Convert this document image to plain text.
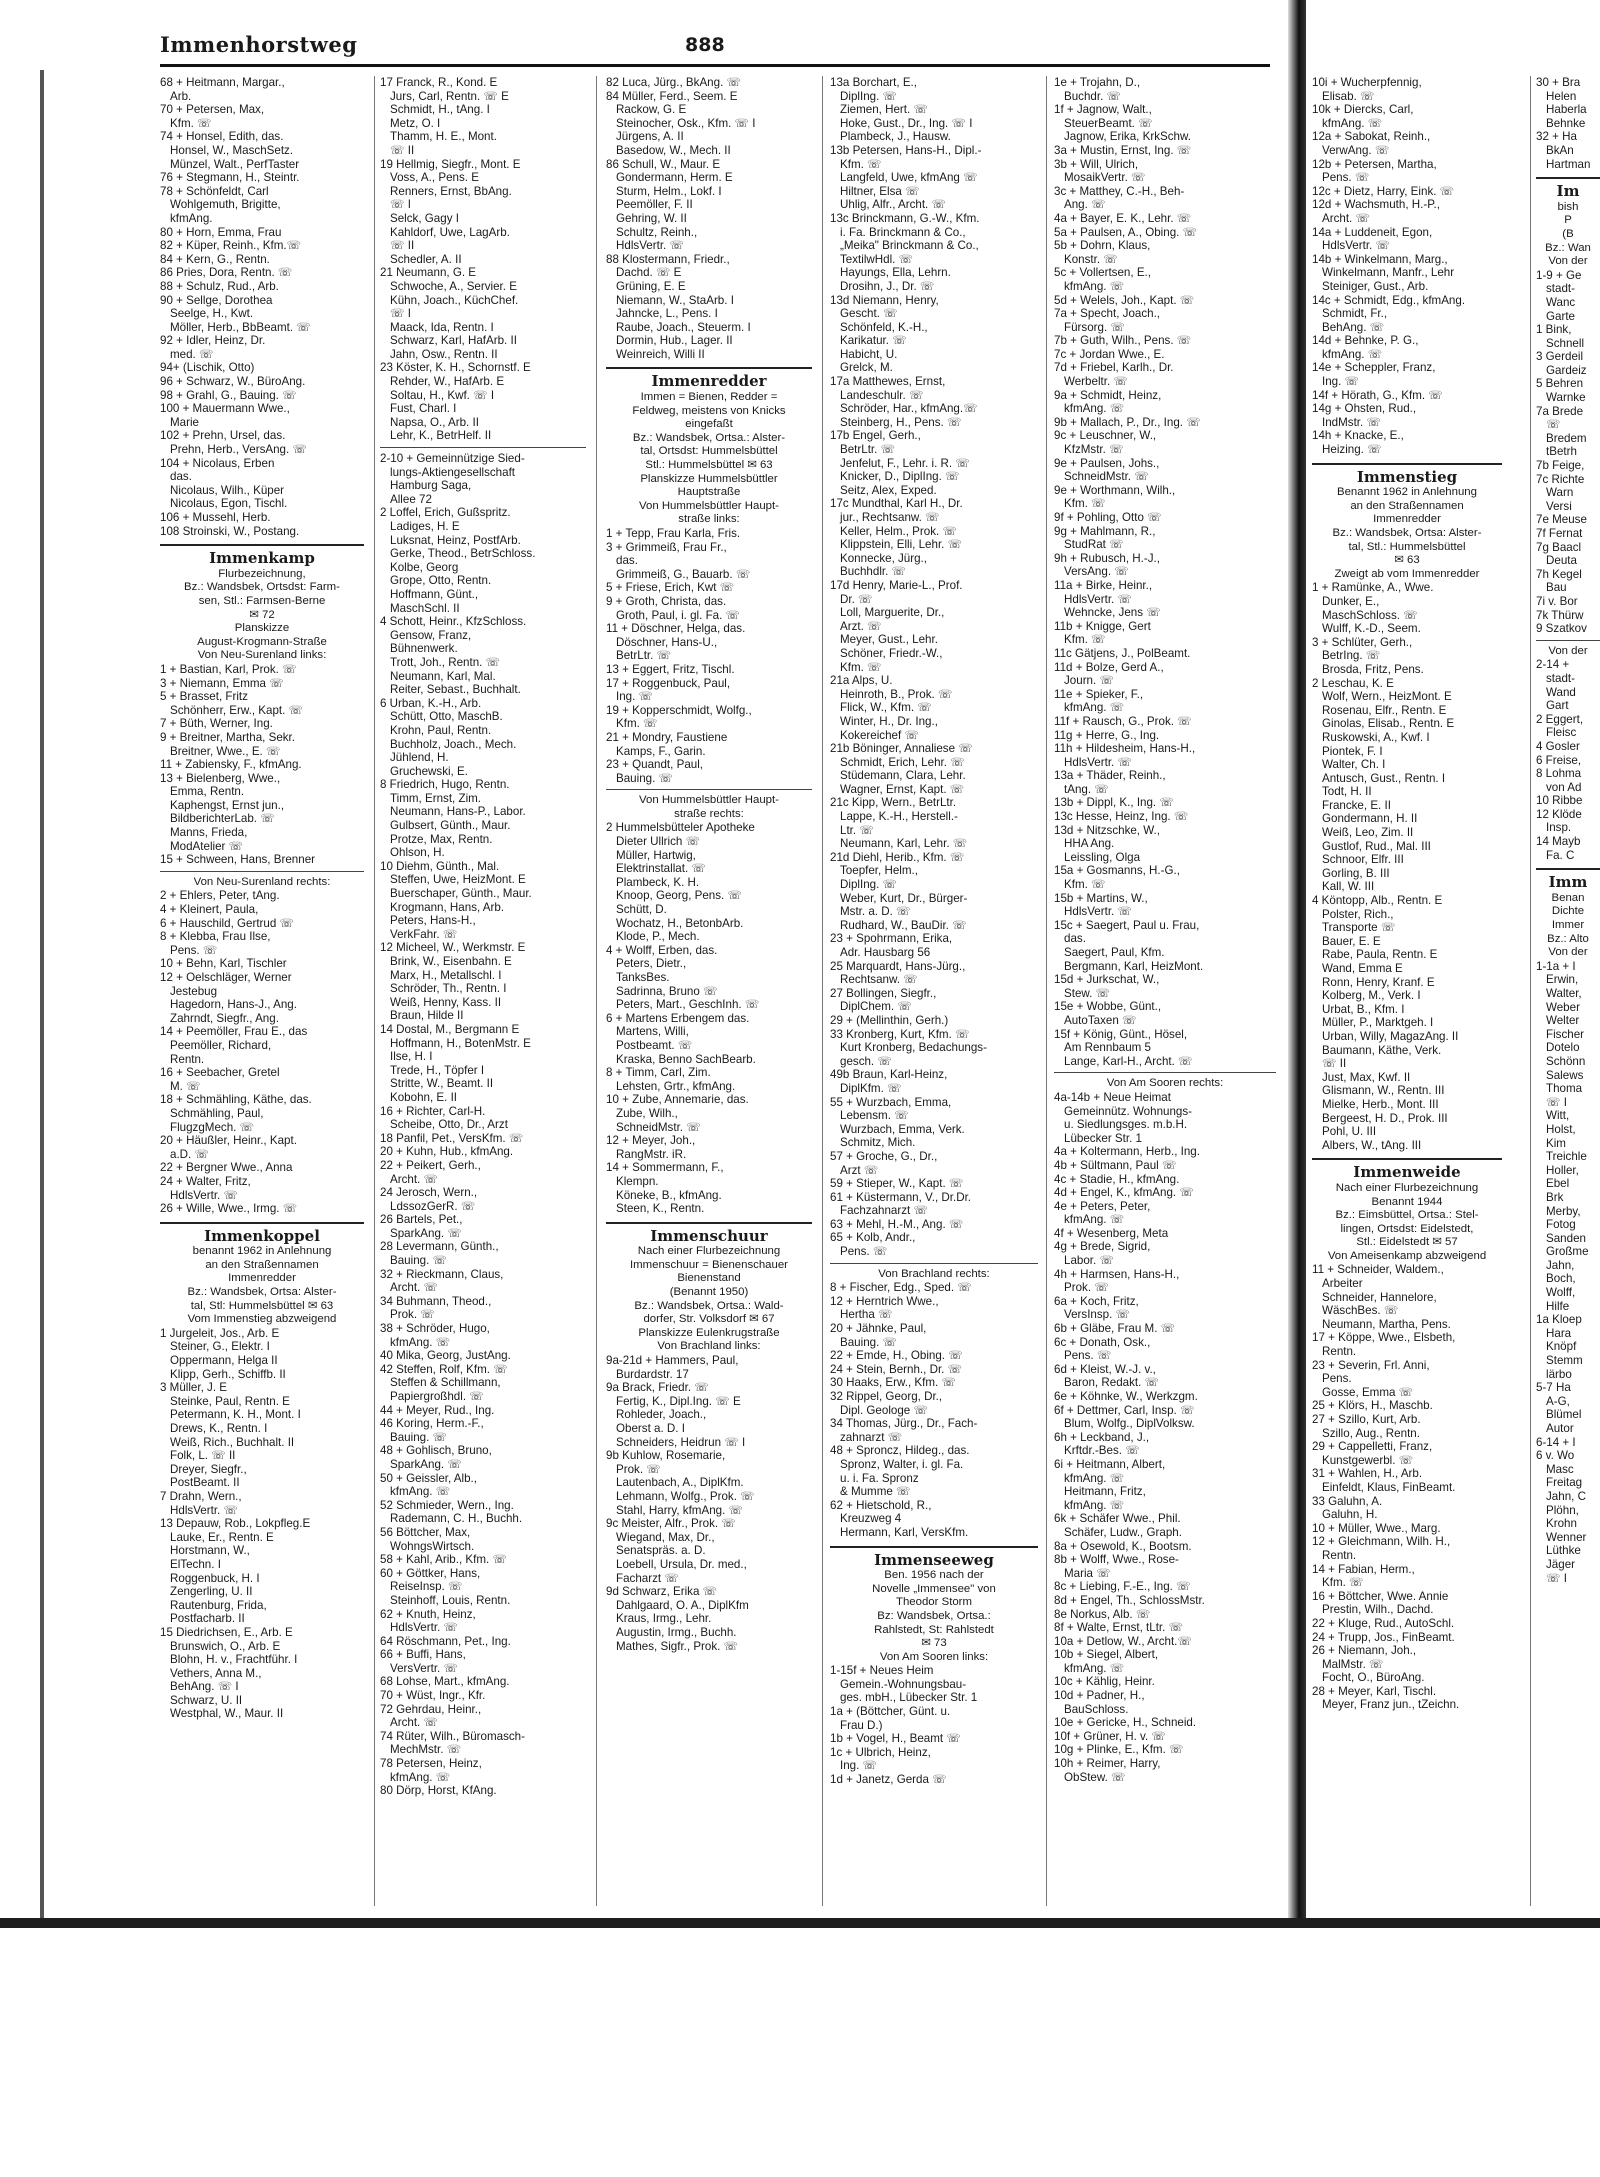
Immenhorstweg	888
68 + Heitmann, Margar.,
Arb.
70 + Petersen, Max,
Kfm. ☏
74 + Honsel, Edith, das.
Honsel, W., MaschSetz.
Münzel, Walt., PerfTaster
76 + Stegmann, H., Steintr.
78 + Schönfeldt, Carl
Wohlgemuth, Brigitte,
kfmAng.
80 + Horn, Emma, Frau
82 + Küper, Reinh., Kfm.☏
84 + Kern, G., Rentn.
86 Pries, Dora, Rentn. ☏
88 + Schulz, Rud., Arb.
90 + Sellge, Dorothea
Seelge, H., Kwt.
Möller, Herb., BbBeamt. ☏
92 + Idler, Heinz, Dr.
med. ☏
94+ (Lischik, Otto)
96 + Schwarz, W., BüroAng.
98 + Grahl, G., Bauing. ☏
100 + Mauermann Wwe.,
Marie
102 + Prehn, Ursel, das.
Prehn, Herb., VersAng. ☏
104 + Nicolaus, Erben
das.
Nicolaus, Wilh., Küper
Nicolaus, Egon, Tischl.
106 + Mussehl, Herb.
108 Stroinski, W., Postang.
Immenkamp
Flurbezeichnung,
Bz.: Wandsbek, Ortsdst: Farm-
sen, Stl.: Farmsen-Berne
✉ 72
Planskizze
August-Krogmann-Straße
Von Neu-Surenland links:
1 + Bastian, Karl, Prok. ☏
3 + Niemann, Emma ☏
5 + Brasset, Fritz
Schönherr, Erw., Kapt. ☏
7 + Büth, Werner, Ing.
9 + Breitner, Martha, Sekr.
Breitner, Wwe., E. ☏
11 + Zabiensky, F., kfmAng.
13 + Bielenberg, Wwe.,
Emma, Rentn.
Kaphengst, Ernst jun.,
BildberichterLab. ☏
Manns, Frieda,
ModAtelier ☏
15 + Schween, Hans, Brenner
Von Neu-Surenland rechts:
2 + Ehlers, Peter, tAng.
4 + Kleinert, Paula,
6 + Hauschild, Gertrud ☏
8 + Klebba, Frau Ilse,
Pens. ☏
10 + Behn, Karl, Tischler
12 + Oelschläger, Werner
Jestebug
Hagedorn, Hans-J., Ang.
Zahrndt, Siegfr., Ang.
14 + Peemöller, Frau E., das
Peemöller, Richard,
Rentn.
16 + Seebacher, Gretel
M. ☏
18 + Schmähling, Käthe, das.
Schmähling, Paul,
FlugzgMech. ☏
20 + Häußler, Heinr., Kapt.
a.D. ☏
22 + Bergner Wwe., Anna
24 + Walter, Fritz,
HdlsVertr. ☏
26 + Wille, Wwe., Irmg. ☏
Immenkoppel
benannt 1962 in Anlehnung
an den Straßennamen
Immenredder
Bz.: Wandsbek, Ortsa: Alster-
tal, Stl: Hummelsbüttel ✉ 63
Vom Immenstieg abzweigend
1 Jurgeleit, Jos., Arb. E
Steiner, G., Elektr. I
Oppermann, Helga II
Klipp, Gerh., Schiffb. II
3 Müller, J. E
Steinke, Paul, Rentn. E
Petermann, K. H., Mont. I
Drews, K., Rentn. I
Weiß, Rich., Buchhalt. II
Folk, L. ☏ II
Dreyer, Siegfr.,
PostBeamt. II
7 Drahn, Wern.,
HdlsVertr. ☏
13 Depauw, Rob., Lokpfleg.E
Lauke, Er., Rentn. E
Horstmann, W.,
ElTechn. I
Roggenbuck, H. I
Zengerling, U. II
Rautenburg, Frida,
Postfacharb. II
15 Diedrichsen, E., Arb. E
Brunswich, O., Arb. E
Blohn, H. v., Frachtführ. I
Vethers, Anna M.,
BehAng. ☏ I
Schwarz, U. II
Westphal, W., Maur. II
17 Franck, R., Kond. E
Jurs, Carl, Rentn. ☏ E
Schmidt, H., tAng. I
Metz, O. I
Thamm, H. E., Mont.
☏ II
19 Hellmig, Siegfr., Mont. E
Voss, A., Pens. E
Renners, Ernst, BbAng.
☏ I
Selck, Gagy I
Kahldorf, Uwe, LagArb.
☏ II
Schedler, A. II
21 Neumann, G. E
Schwoche, A., Servier. E
Kühn, Joach., KüchChef.
☏ I
Maack, Ida, Rentn. I
Schwarz, Karl, HafArb. II
Jahn, Osw., Rentn. II
23 Köster, K. H., Schornstf. E
Rehder, W., HafArb. E
Soltau, H., Kwf. ☏ I
Fust, Charl. I
Napsa, O., Arb. II
Lehr, K., BetrHelf. II
2-10 + Gemeinnützige Sied-
lungs-Aktiengesellschaft
Hamburg Saga,
Allee 72
2 Loffel, Erich, Gußspritz.
Ladiges, H. E
Luksnat, Heinz, PostfArb.
Gerke, Theod., BetrSchloss.
Kolbe, Georg
Grope, Otto, Rentn.
Hoffmann, Günt.,
MaschSchl. II
4 Schott, Heinr., KfzSchloss.
Gensow, Franz,
Bühnenwerk.
Trott, Joh., Rentn. ☏
Neumann, Karl, Mal.
Reiter, Sebast., Buchhalt.
6 Urban, K.-H., Arb.
Schütt, Otto, MaschB.
Krohn, Paul, Rentn.
Buchholz, Joach., Mech.
Jühlend, H.
Gruchewski, E.
8 Friedrich, Hugo, Rentn.
Timm, Ernst, Zim.
Neumann, Hans-P., Labor.
Gulbsert, Günth., Maur.
Protze, Max, Rentn.
Ohlson, H.
10 Diehm, Günth., Mal.
Steffen, Uwe, HeizMont. E
Buerschaper, Günth., Maur.
Krogmann, Hans, Arb.
Peters, Hans-H.,
VerkFahr. ☏
12 Micheel, W., Werkmstr. E
Brink, W., Eisenbahn. E
Marx, H., Metallschl. I
Schröder, Th., Rentn. I
Weiß, Henny, Kass. II
Braun, Hilde II
14 Dostal, M., Bergmann E
Hoffmann, H., BotenMstr. E
Ilse, H. I
Trede, H., Töpfer I
Stritte, W., Beamt. II
Kobohn, E. II
16 + Richter, Carl-H.
Scheibe, Otto, Dr., Arzt
18 Panfil, Pet., VersKfm. ☏
20 + Kuhn, Hub., kfmAng.
22 + Peikert, Gerh.,
Archt. ☏
24 Jerosch, Wern.,
LdssozGerR. ☏
26 Bartels, Pet.,
SparkAng. ☏
28 Levermann, Günth.,
Bauing. ☏
32 + Rieckmann, Claus,
Archt. ☏
34 Buhmann, Theod.,
Prok. ☏
38 + Schröder, Hugo,
kfmAng. ☏
40 Mika, Georg, JustAng.
42 Steffen, Rolf, Kfm. ☏
Steffen & Schillmann,
Papiergroßhdl. ☏
44 + Meyer, Rud., Ing.
46 Koring, Herm.-F.,
Bauing. ☏
48 + Gohlisch, Bruno,
SparkAng. ☏
50 + Geissler, Alb.,
kfmAng. ☏
52 Schmieder, Wern., Ing.
Rademann, C. H., Buchh.
56 Böttcher, Max,
WohngsWirtsch.
58 + Kahl, Arib., Kfm. ☏
60 + Göttker, Hans,
ReiseInsp. ☏
Steinhoff, Louis, Rentn.
62 + Knuth, Heinz,
HdlsVertr. ☏
64 Röschmann, Pet., Ing.
66 + Buffi, Hans,
VersVertr. ☏
68 Lohse, Mart., kfmAng.
70 + Wüst, Ingr., Kfr.
72 Gehrdau, Heinr.,
Archt. ☏
74 Rüter, Wilh., Büromasch-
MechMstr. ☏
78 Petersen, Heinz,
kfmAng. ☏
80 Dörp, Horst, KfAng.
82 Luca, Jürg., BkAng. ☏
84 Müller, Ferd., Seem. E
Rackow, G. E
Steinocher, Osk., Kfm. ☏ I
Jürgens, A. II
Basedow, W., Mech. II
86 Schull, W., Maur. E
Gondermann, Herm. E
Sturm, Helm., Lokf. I
Peemöller, F. II
Gehring, W. II
Schultz, Reinh.,
HdlsVertr. ☏
88 Klostermann, Friedr.,
Dachd. ☏ E
Grüning, E. E
Niemann, W., StaArb. I
Jahncke, L., Pens. I
Raube, Joach., Steuerm. I
Dormin, Hub., Lager. II
Weinreich, Willi II
Immenredder
Immen = Bienen, Redder =
Feldweg, meistens von Knicks
eingefaßt
Bz.: Wandsbek, Ortsa.: Alster-
tal, Ortsdst: Hummelsbüttel
Stl.: Hummelsbüttel ✉ 63
Planskizze Hummelsbüttler
Hauptstraße
Von Hummelsbüttler Haupt-
straße links:
1 + Tepp, Frau Karla, Fris.
3 + Grimmeiß, Frau Fr.,
das.
Grimmeiß, G., Bauarb. ☏
5 + Friese, Erich, Kwt ☏
9 + Groth, Christa, das.
Groth, Paul, i. gl. Fa. ☏
11 + Döschner, Helga, das.
Döschner, Hans-U.,
BetrLtr. ☏
13 + Eggert, Fritz, Tischl.
17 + Roggenbuck, Paul,
Ing. ☏
19 + Kopperschmidt, Wolfg.,
Kfm. ☏
21 + Mondry, Faustiene
Kamps, F., Garin.
23 + Quandt, Paul,
Bauing. ☏
Von Hummelsbüttler Haupt-
straße rechts:
2 Hummelsbütteler Apotheke
Dieter Ullrich ☏
Müller, Hartwig,
Elektrinstallat. ☏
Plambeck, K. H.
Knoop, Georg, Pens. ☏
Schütt, D.
Wochatz, H., BetonbArb.
Klode, P., Mech.
4 + Wolff, Erben, das.
Peters, Dietr.,
TanksBes.
Sadrinna, Bruno ☏
Peters, Mart., GeschInh. ☏
6 + Martens Erbengem das.
Martens, Willi,
Postbeamt. ☏
Kraska, Benno SachBearb.
8 + Timm, Carl, Zim.
Lehsten, Grtr., kfmAng.
10 + Zube, Annemarie, das.
Zube, Wilh.,
SchneidMstr. ☏
12 + Meyer, Joh.,
RangMstr. iR.
14 + Sommermann, F.,
Klempn.
Köneke, B., kfmAng.
Steen, K., Rentn.
Immenschuur
Nach einer Flurbezeichnung
Immenschuur = Bienenschauer
Bienenstand
(Benannt 1950)
Bz.: Wandsbek, Ortsa.: Wald-
dorfer, Str. Volksdorf ✉ 67
Planskizze Eulenkrugstraße
Von Brachland links:
9a-21d + Hammers, Paul,
Burdardstr. 17
9a Brack, Friedr. ☏
Fertig, K., Dipl.Ing. ☏ E
Rohleder, Joach.,
Oberst a. D. I
Schneiders, Heidrun ☏ I
9b Kuhlow, Rosemarie,
Prok. ☏
Lautenbach, A., DiplKfm.
Lehmann, Wolfg., Prok. ☏
Stahl, Harry, kfmAng. ☏
9c Meister, Alfr., Prok. ☏
Wiegand, Max, Dr.,
Senatspräs. a. D.
Loebell, Ursula, Dr. med.,
Facharzt ☏
9d Schwarz, Erika ☏
Dahlgaard, O. A., DiplKfm
Kraus, Irmg., Lehr.
Augustin, Irmg., Buchh.
Mathes, Sigfr., Prok. ☏
13a Borchart, E.,
DiplIng. ☏
Ziemen, Hert. ☏
Hoke, Gust., Dr., Ing. ☏ I
Plambeck, J., Hausw.
13b Petersen, Hans-H., Dipl.-
Kfm. ☏
Langfeld, Uwe, kfmAng ☏
Hiltner, Elsa ☏
Uhlig, Alfr., Archt. ☏
13c Brinckmann, G.-W., Kfm.
i. Fa. Brinckmann & Co.,
„Meika" Brinckmann & Co.,
TextilwHdl. ☏
Hayungs, Ella, Lehrn.
Drosihn, J., Dr. ☏
13d Niemann, Henry,
Gescht. ☏
Schönfeld, K.-H.,
Karikatur. ☏
Habicht, U.
Grelck, M.
17a Matthewes, Ernst,
Landeschulr. ☏
Schröder, Har., kfmAng.☏
Steinberg, H., Pens. ☏
17b Engel, Gerh.,
BetrLtr. ☏
Jenfelut, F., Lehr. i. R. ☏
Knicker, D., DiplIng. ☏
Seitz, Alex, Exped.
17c Mundthal, Karl H., Dr.
jur., Rechtsanw. ☏
Keller, Helm., Prok. ☏
Klippstein, Elli, Lehr. ☏
Konnecke, Jürg.,
Buchhdlr. ☏
17d Henry, Marie-L., Prof.
Dr. ☏
Loll, Marguerite, Dr.,
Arzt. ☏
Meyer, Gust., Lehr.
Schöner, Friedr.-W.,
Kfm. ☏
21a Alps, U.
Heinroth, B., Prok. ☏
Flick, W., Kfm. ☏
Winter, H., Dr. Ing.,
Kokereichef ☏
21b Böninger, Annaliese ☏
Schmidt, Erich, Lehr. ☏
Stüdemann, Clara, Lehr.
Wagner, Ernst, Kapt. ☏
21c Kipp, Wern., BetrLtr.
Lappe, K.-H., Herstell.-
Ltr. ☏
Neumann, Karl, Lehr. ☏
21d Diehl, Herib., Kfm. ☏
Toepfer, Helm.,
DiplIng. ☏
Weber, Kurt, Dr., Bürger-
Mstr. a. D. ☏
Rudhard, W., BauDir. ☏
23 + Spohrmann, Erika,
Adr. Hausbarg 56
25 Marquardt, Hans-Jürg.,
Rechtsanw. ☏
27 Bollingen, Siegfr.,
DiplChem. ☏
29 + (Mellinthin, Gerh.)
33 Kronberg, Kurt, Kfm. ☏
Kurt Kronberg, Bedachungs-
gesch. ☏
49b Braun, Karl-Heinz,
DiplKfm. ☏
55 + Wurzbach, Emma,
Lebensm. ☏
Wurzbach, Emma, Verk.
Schmitz, Mich.
57 + Groche, G., Dr.,
Arzt ☏
59 + Stieper, W., Kapt. ☏
61 + Küstermann, V., Dr.Dr.
Fachzahnarzt ☏
63 + Mehl, H.-M., Ang. ☏
65 + Kolb, Andr.,
Pens. ☏
Von Brachland rechts:
8 + Fischer, Edg., Sped. ☏
12 + Herntrich Wwe.,
Hertha ☏
20 + Jähnke, Paul,
Bauing. ☏
22 + Emde, H., Obing. ☏
24 + Stein, Bernh., Dr. ☏
30 Haaks, Erw., Kfm. ☏
32 Rippel, Georg, Dr.,
Dipl. Geologe ☏
34 Thomas, Jürg., Dr., Fach-
zahnarzt ☏
48 + Sproncz, Hildeg., das.
Spronz, Walter, i. gl. Fa.
u. i. Fa. Spronz
& Mumme ☏
62 + Hietschold, R.,
Kreuzweg 4
Hermann, Karl, VersKfm.
Immenseeweg
Ben. 1956 nach der
Novelle „Immensee" von
Theodor Storm
Bz: Wandsbek, Ortsa.:
Rahlstedt, St: Rahlstedt
✉ 73
Von Am Sooren links:
1-15f + Neues Heim
Gemein.-Wohnungsbau-
ges. mbH., Lübecker Str. 1
1a + (Böttcher, Günt. u.
Frau D.)
1b + Vogel, H., Beamt ☏
1c + Ulbrich, Heinz,
Ing. ☏
1d + Janetz, Gerda ☏
1e + Trojahn, D.,
Buchdr. ☏
1f + Jagnow, Walt.,
SteuerBeamt. ☏
Jagnow, Erika, KrkSchw.
3a + Mustin, Ernst, Ing. ☏
3b + Will, Ulrich,
MosaikVertr. ☏
3c + Matthey, C.-H., Beh-
Ang. ☏
4a + Bayer, E. K., Lehr. ☏
5a + Paulsen, A., Obing. ☏
5b + Dohrn, Klaus,
Konstr. ☏
5c + Vollertsen, E.,
kfmAng. ☏
5d + Welels, Joh., Kapt. ☏
7a + Specht, Joach.,
Fürsorg. ☏
7b + Guth, Wilh., Pens. ☏
7c + Jordan Wwe., E.
7d + Friebel, Karlh., Dr.
Werbeltr. ☏
9a + Schmidt, Heinz,
kfmAng. ☏
9b + Mallach, P., Dr., Ing. ☏
9c + Leuschner, W.,
KfzMstr. ☏
9e + Paulsen, Johs.,
SchneidMstr. ☏
9e + Worthmann, Wilh.,
Kfm. ☏
9f + Pohling, Otto ☏
9g + Mahlmann, R.,
StudRat ☏
9h + Rubusch, H.-J.,
VersAng. ☏
11a + Birke, Heinr.,
HdlsVertr. ☏
Wehncke, Jens ☏
11b + Knigge, Gert
Kfm. ☏
11c Gätjens, J., PolBeamt.
11d + Bolze, Gerd A.,
Journ. ☏
11e + Spieker, F.,
kfmAng. ☏
11f + Rausch, G., Prok. ☏
11g + Herre, G., Ing.
11h + Hildesheim, Hans-H.,
HdlsVertr. ☏
13a + Thäder, Reinh.,
tAng. ☏
13b + Dippl, K., Ing. ☏
13c Hesse, Heinz, Ing. ☏
13d + Nitzschke, W.,
HHA Ang.
Leissling, Olga
15a + Gosmanns, H.-G.,
Kfm. ☏
15b + Martins, W.,
HdlsVertr. ☏
15c + Saegert, Paul u. Frau,
das.
Saegert, Paul, Kfm.
Bergmann, Karl, HeizMont.
15d + Jurkschat, W.,
Stew. ☏
15e + Wobbe, Günt.,
AutoTaxen ☏
15f + König, Günt., Hösel,
Am Rennbaum 5
Lange, Karl-H., Archt. ☏
Von Am Sooren rechts:
4a-14b + Neue Heimat
Gemeinnütz. Wohnungs-
u. Siedlungsges. m.b.H.
Lübecker Str. 1
4a + Koltermann, Herb., Ing.
4b + Sültmann, Paul ☏
4c + Stadie, H., kfmAng.
4d + Engel, K., kfmAng. ☏
4e + Peters, Peter,
kfmAng. ☏
4f + Wesenberg, Meta
4g + Brede, Sigrid,
Labor. ☏
4h + Harmsen, Hans-H.,
Prok. ☏
6a + Koch, Fritz,
VersInsp. ☏
6b + Gläbe, Frau M. ☏
6c + Donath, Osk.,
Pens. ☏
6d + Kleist, W.-J. v.,
Baron, Redakt. ☏
6e + Köhnke, W., Werkzgm.
6f + Dettmer, Carl, Insp. ☏
Blum, Wolfg., DiplVolksw.
6h + Leckband, J.,
Krftdr.-Bes. ☏
6i + Heitmann, Albert,
kfmAng. ☏
Heitmann, Fritz,
kfmAng. ☏
6k + Schäfer Wwe., Phil.
Schäfer, Ludw., Graph.
8a + Osewold, K., Bootsm.
8b + Wolff, Wwe., Rose-
Maria ☏
8c + Liebing, F.-E., Ing. ☏
8d + Engel, Th., SchlossMstr.
8e Norkus, Alb. ☏
8f + Walte, Ernst, tLtr. ☏
10a + Detlow, W., Archt.☏
10b + Siegel, Albert,
kfmAng. ☏
10c + Kählig, Heinr.
10d + Padner, H.,
BauSchloss.
10e + Gericke, H., Schneid.
10f + Grüner, H. v. ☏
10g + Plinke, E., Kfm. ☏
10h + Reimer, Harry,
ObStew. ☏
10i + Wucherpfennig,
Elisab. ☏
10k + Diercks, Carl,
kfmAng. ☏
12a + Sabokat, Reinh.,
VerwAng. ☏
12b + Petersen, Martha,
Pens. ☏
12c + Dietz, Harry, Eink. ☏
12d + Wachsmuth, H.-P.,
Archt. ☏
14a + Luddeneit, Egon,
HdlsVertr. ☏
14b + Winkelmann, Marg.,
Winkelmann, Manfr., Lehr
Steiniger, Gust., Arb.
14c + Schmidt, Edg., kfmAng.
Schmidt, Fr.,
BehAng. ☏
14d + Behnke, P. G.,
kfmAng. ☏
14e + Scheppler, Franz,
Ing. ☏
14f + Hörath, G., Kfm. ☏
14g + Ohsten, Rud.,
IndMstr. ☏
14h + Knacke, E.,
Heizing. ☏
Immenstieg
Benannt 1962 in Anlehnung
an den Straßennamen
Immenredder
Bz.: Wandsbek, Ortsa: Alster-
tal, Stl.: Hummelsbüttel
✉ 63
Zweigt ab vom Immenredder
1 + Ramünke, A., Wwe.
Dunker, E.,
MaschSchloss. ☏
Wulff, K.-D., Seem.
3 + Schlüter, Gerh.,
BetrIng. ☏
Brosda, Fritz, Pens.
2 Leschau, K. E
Wolf, Wern., HeizMont. E
Rosenau, Elfr., Rentn. E
Ginolas, Elisab., Rentn. E
Ruskowski, A., Kwf. I
Piontek, F. I
Walter, Ch. I
Antusch, Gust., Rentn. I
Todt, H. II
Francke, E. II
Gondermann, H. II
Weiß, Leo, Zim. II
Gustlof, Rud., Mal. III
Schnoor, Elfr. III
Gorling, B. III
Kall, W. III
4 Köntopp, Alb., Rentn. E
Polster, Rich.,
Transporte ☏
Bauer, E. E
Rabe, Paula, Rentn. E
Wand, Emma E
Ronn, Henry, Kranf. E
Kolberg, M., Verk. I
Urbat, B., Kfm. I
Müller, P., Marktgeh. I
Urban, Willy, MagazAng. II
Baumann, Käthe, Verk.
☏ II
Just, Max, Kwf. II
Glismann, W., Rentn. III
Mielke, Herb., Mont. III
Bergeest, H. D., Prok. III
Pohl, U. III
Albers, W., tAng. III
Immenweide
Nach einer Flurbezeichnung
Benannt 1944
Bz.: Eimsbüttel, Ortsa.: Stel-
lingen, Ortsdst: Eidelstedt,
Stl.: Eidelstedt ✉ 57
Von Ameisenkamp abzweigend
11 + Schneider, Waldem.,
Arbeiter
Schneider, Hannelore,
WäschBes. ☏
Neumann, Martha, Pens.
17 + Köppe, Wwe., Elsbeth,
Rentn.
23 + Severin, Frl. Anni,
Pens.
Gosse, Emma ☏
25 + Klörs, H., Maschb.
27 + Szillo, Kurt, Arb.
Szillo, Aug., Rentn.
29 + Cappelletti, Franz,
Kunstgewerbl. ☏
31 + Wahlen, H., Arb.
Einfeldt, Klaus, FinBeamt.
33 Galuhn, A.
Galuhn, H.
10 + Müller, Wwe., Marg.
12 + Gleichmann, Wilh. H.,
Rentn.
14 + Fabian, Herm.,
Kfm. ☏
16 + Böttcher, Wwe. Annie
Prestin, Wilh., Dachd.
22 + Kluge, Rud., AutoSchl.
24 + Trupp, Jos., FinBeamt.
26 + Niemann, Joh.,
MalMstr. ☏
Focht, O., BüroAng.
28 + Meyer, Karl, Tischl.
Meyer, Franz jun., tZeichn.
30 + Bra
Helen
Haberla
Behnke
32 + Ha
BkAn
Hartman
Im
bish
P
(B
Bz.: Wan
Von der
1-9 + Ge
stadt-
Wanc
Garte
1 Bink,
Schnell
3 Gerdeil
Gardeiz
5 Behren
Warnke
7a Brede
☏
Bredem
tBetrh
7b Feige,
7c Richte
Warn
Versi
7e Meuse
7f Fernat
7g Baacl
Deuta
7h Kegel
Bau
7i v. Bor
7k Thürw
9 Szatkov
Von der
2-14 +
stadt-
Wand
Gart
2 Eggert,
Fleisc
4 Gosler
6 Freise,
8 Lohma
von Ad
10 Ribbe
12 Klöde
Insp.
14 Mayb
Fa. C
Imm
Benan
Dichte
Immer
Bz.: Alto
Von der
1-1a + I
Erwin,
Walter,
Weber
Welter
Fischer
Dotelo
Schönn
Salews
Thoma
☏ I
Witt,
Holst,
Kim
Treichle
Holler,
Ebel
Brk
Merby,
Fotog
Sanden
Großme
Jahn,
Boch,
Wolff,
Hilfe
1a Kloep
Hara
Knöpf
Stemm
lärbo
5-7 Ha
A-G,
Blümel
Autor
6-14 + I
6 v. Wo
Masc
Freitag
Jahn, C
Plöhn,
Krohn
Wenner
Lüthke
Jäger
☏ I
